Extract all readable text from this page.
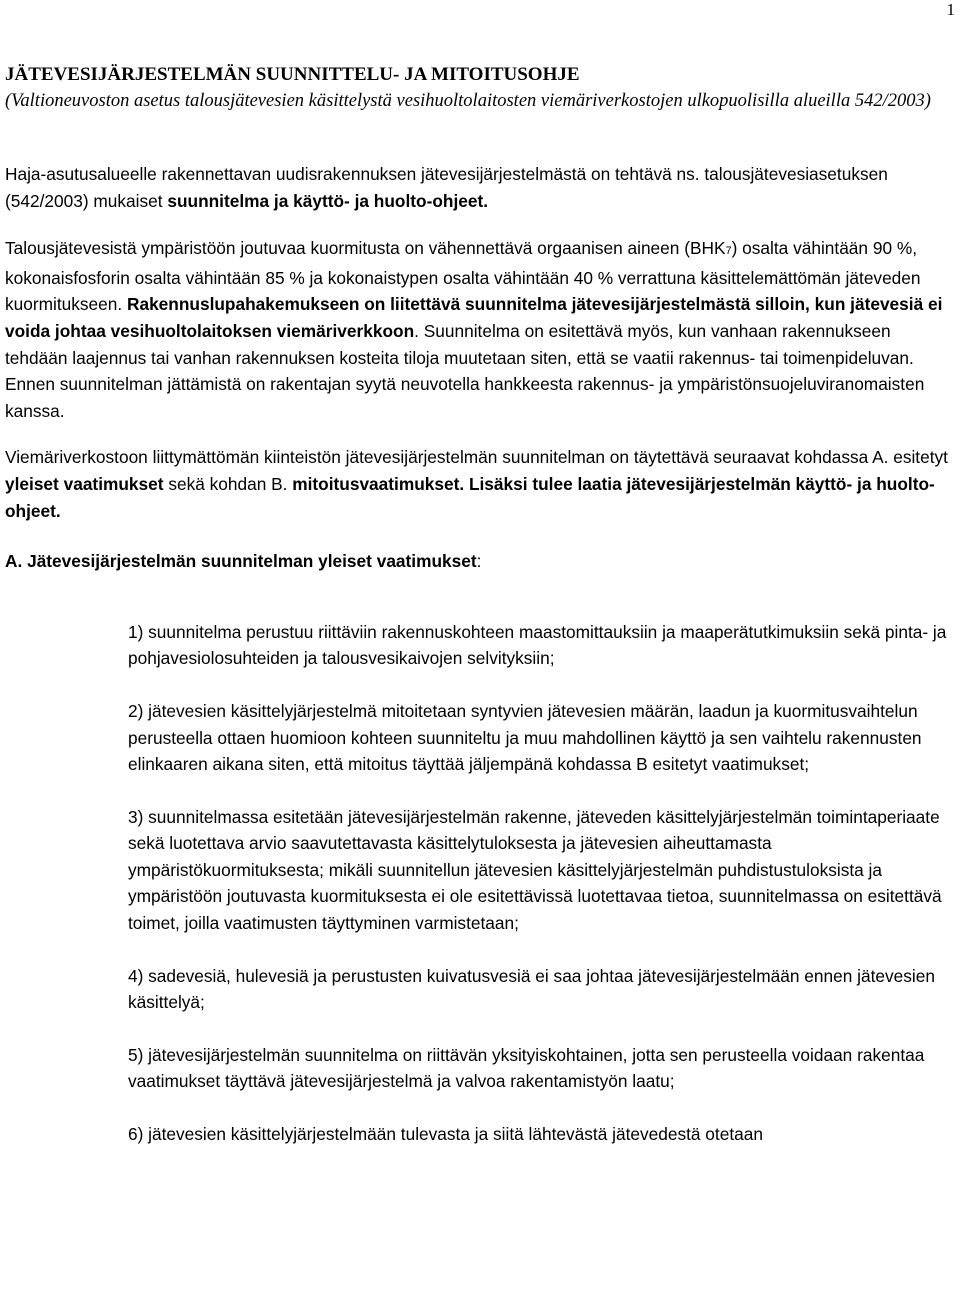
1

JÄTEVESIJÄRJESTELMÄN SUUNNITTELU- JA MITOITUSOHJE

(Valtioneuvoston asetus talousjätevesien käsittelystä vesihuoltolaitosten viemäriverkostojen ulkopuolisilla alueilla 542/2003)

Haja-asutusalueelle rakennettavan uudisrakennuksen jätevesijärjestelmästä on tehtävä ns. talousjätevesiasetuksen (542/2003) mukaiset suunnitelma ja käyttö- ja huolto-ohjeet.

Talousjätevesistä ympäristöön joutuvaa kuormitusta on vähennettävä orgaanisen aineen (BHK7) osalta vähintään 90 %, kokonaisfosforin osalta vähintään 85 % ja kokonaistypen osalta vähintään 40 % verrattuna käsittelemättömän jäteveden kuormitukseen. Rakennuslupahakemukseen on liitettävä suunnitelma jätevesijärjestelmästä silloin, kun jätevesiä ei voida johtaa vesihuoltolaitoksen viemäriverkkoon. Suunnitelma on esitettävä myös, kun vanhaan rakennukseen tehdään laajennus tai vanhan rakennuksen kosteita tiloja muutetaan siten, että se vaatii rakennus- tai toimenpideluvan. Ennen suunnitelman jättämistä on rakentajan syytä neuvotella hankkeesta rakennus- ja ympäristönsuojeluviranomaisten kanssa.

Viemäriverkostoon liittymättömän kiinteistön jätevesijärjestelmän suunnitelman on täytettävä seuraavat kohdassa A. esitetyt yleiset vaatimukset sekä kohdan B. mitoitusvaatimukset. Lisäksi tulee laatia jätevesijärjestelmän käyttö- ja huolto-ohjeet.

A. Jätevesijärjestelmän suunnitelman yleiset vaatimukset:

1) suunnitelma perustuu riittäviin rakennuskohteen maastomittauksiin ja maaperätutkimuksiin sekä pinta- ja pohjavesiolosuhteiden ja talousvesikaivojen selvityksiin;

2) jätevesien käsittelyjärjestelmä mitoitetaan syntyvien jätevesien määrän, laadun ja kuormitusvaihtelun perusteella ottaen huomioon kohteen suunniteltu ja muu mahdollinen käyttö ja sen vaihtelu rakennusten elinkaaren aikana siten, että mitoitus täyttää jäljempänä kohdassa B esitetyt vaatimukset;

3) suunnitelmassa esitetään jätevesijärjestelmän rakenne, jäteveden käsittelyjärjestelmän toimintaperiaate sekä luotettava arvio saavutettavasta käsittelytuloksesta ja jätevesien aiheuttamasta ympäristökuormituksesta; mikäli suunnitellun jätevesien käsittelyjärjestelmän puhdistustuloksista ja ympäristöön joutuvasta kuormituksesta ei ole esitettävissä luotettavaa tietoa, suunnitelmassa on esitettävä toimet, joilla vaatimusten täyttyminen varmistetaan;

4) sadevesiä, hulevesiä ja perustusten kuivatusvesiä ei saa johtaa jätevesijärjestelmään ennen jätevesien käsittelyä;

5) jätevesijärjestelmän suunnitelma on riittävän yksityiskohtainen, jotta sen perusteella voidaan rakentaa vaatimukset täyttävä jätevesijärjestelmä ja valvoa rakentamistyön laatu;

6) jätevesien käsittelyjärjestelmään tulevasta ja siitä lähtevästä jätevedestä otetaan
